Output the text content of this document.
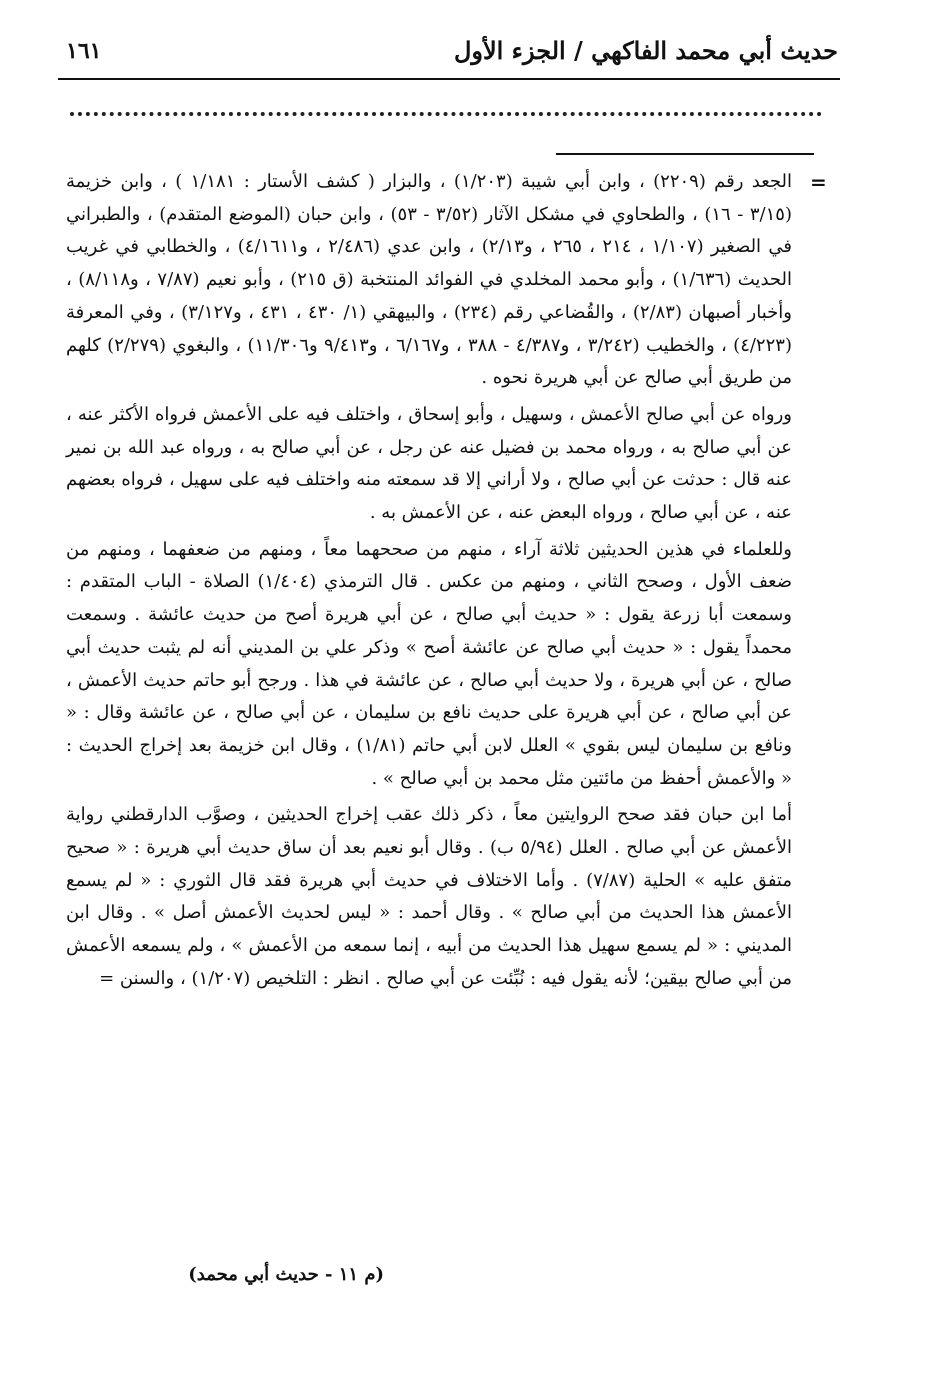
حديث أبي محمد الفاكهي / الجزء الأول
١٦١
=

الجعد رقم (٢٢٠٩) ، وابن أبي شيبة (١/٢٠٣) ، والبزار ( كشف الأستار : ١/١٨١ ) ، وابن خزيمة (٣/١٥ - ١٦) ، والطحاوي في مشكل الآثار (٣/٥٢ - ٥٣) ، وابن حبان (الموضع المتقدم) ، والطبراني في الصغير (١/١٠٧ ، ٢١٤ ، ٢٦٥ ، و٢/١٣) ، وابن عدي (٢/٤٨٦ ، و٤/١٦١١) ، والخطابي في غريب الحديث (١/٦٣٦) ، وأبو محمد المخلدي في الفوائد المنتخبة (ق ٢١٥) ، وأبو نعيم (٧/٨٧ ، و٨/١١٨) ، وأخبار أصبهان (٢/٨٣) ، والقُضاعي رقم (٢٣٤) ، والبيهقي (١/ ٤٣٠ ، ٤٣١ ، و٣/١٢٧) ، وفي المعرفة (٤/٢٢٣) ، والخطيب (٣/٢٤٢ ، و٤/٣٨٧ - ٣٨٨ ، و٦/١٦٧ ، و٩/٤١٣ و١١/٣٠٦) ، والبغوي (٢/٢٧٩) كلهم من طريق أبي صالح عن أبي هريرة نحوه .

ورواه عن أبي صالح الأعمش ، وسهيل ، وأبو إسحاق ، واختلف فيه على الأعمش فرواه الأكثر عنه ، عن أبي صالح به ، ورواه محمد بن فضيل عنه عن رجل ، عن أبي صالح به ، ورواه عبد الله بن نمير عنه قال : حدثت عن أبي صالح ، ولا أراني إلا قد سمعته منه واختلف فيه على سهيل ، فرواه بعضهم عنه ، عن أبي صالح ، ورواه البعض عنه ، عن الأعمش به .

وللعلماء في هذين الحديثين ثلاثة آراء ، منهم من صححهما معاً ، ومنهم من ضعفهما ، ومنهم من ضعف الأول ، وصحح الثاني ، ومنهم من عكس . قال الترمذي (١/٤٠٤) الصلاة - الباب المتقدم : وسمعت أبا زرعة يقول : « حديث أبي صالح ، عن أبي هريرة أصح من حديث عائشة . وسمعت محمداً يقول : « حديث أبي صالح عن عائشة أصح » وذكر علي بن المديني أنه لم يثبت حديث أبي صالح ، عن أبي هريرة ، ولا حديث أبي صالح ، عن عائشة في هذا . ورجح أبو حاتم حديث الأعمش ، عن أبي صالح ، عن أبي هريرة على حديث نافع بن سليمان ، عن أبي صالح ، عن عائشة وقال : « ونافع بن سليمان ليس بقوي » العلل لابن أبي حاتم (١/٨١) ، وقال ابن خزيمة بعد إخراج الحديث : « والأعمش أحفظ من مائتين مثل محمد بن أبي صالح » .

أما ابن حبان فقد صحح الروايتين معاً ، ذكر ذلك عقب إخراج الحديثين ، وصوَّب الدارقطني رواية الأعمش عن أبي صالح . العلل (٥/٩٤ ب) . وقال أبو نعيم بعد أن ساق حديث أبي هريرة : « صحيح متفق عليه » الحلية (٧/٨٧) . وأما الاختلاف في حديث أبي هريرة فقد قال الثوري : « لم يسمع الأعمش هذا الحديث من أبي صالح » . وقال أحمد : « ليس لحديث الأعمش أصل » . وقال ابن المديني : « لم يسمع سهيل هذا الحديث من أبيه ، إنما سمعه من الأعمش » ، ولم يسمعه الأعمش من أبي صالح بيقين؛ لأنه يقول فيه : نُبِّئت عن أبي صالح . انظر : التلخيص (١/٢٠٧) ، والسنن =

(م ١١ - حديث أبي محمد)
